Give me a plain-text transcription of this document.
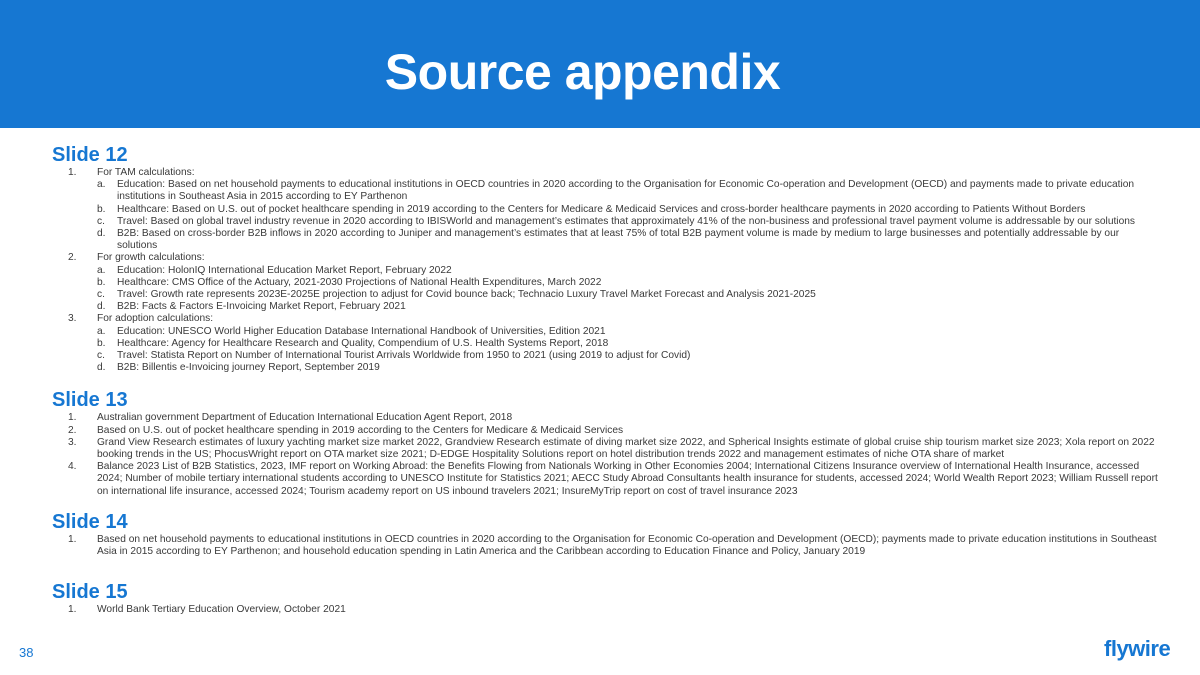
Source appendix
Slide 12
1. For TAM calculations:
a. Education: Based on net household payments to educational institutions in OECD countries in 2020 according to the Organisation for Economic Co-operation and Development (OECD) and payments made to private education institutions in Southeast Asia in 2015 according to EY Parthenon
b. Healthcare: Based on U.S. out of pocket healthcare spending in 2019 according to the Centers for Medicare & Medicaid Services and cross-border healthcare payments in 2020 according to Patients Without Borders
c. Travel: Based on global travel industry revenue in 2020 according to IBISWorld and management’s estimates that approximately 41% of the non-business and professional travel payment volume is addressable by our solutions
d. B2B: Based on cross-border B2B inflows in 2020 according to Juniper and management’s estimates that at least 75% of total B2B payment volume is made by medium to large businesses and potentially addressable by our solutions
2. For growth calculations:
a. Education: HolonIQ International Education Market Report, February 2022
b. Healthcare: CMS Office of the Actuary, 2021-2030 Projections of National Health Expenditures, March 2022
c. Travel: Growth rate represents 2023E-2025E projection to adjust for Covid bounce back; Technacio Luxury Travel Market Forecast and Analysis 2021-2025
d. B2B: Facts & Factors E-Invoicing Market Report, February 2021
3. For adoption calculations:
a. Education: UNESCO World Higher Education Database International Handbook of Universities, Edition 2021
b. Healthcare: Agency for Healthcare Research and Quality, Compendium of U.S. Health Systems Report, 2018
c. Travel: Statista Report on Number of International Tourist Arrivals Worldwide from 1950 to 2021 (using 2019 to adjust for Covid)
d. B2B: Billentis e-Invoicing journey Report, September 2019
Slide 13
1. Australian government Department of Education International Education Agent Report, 2018
2. Based on U.S. out of pocket healthcare spending in 2019 according to the Centers for Medicare & Medicaid Services
3. Grand View Research estimates of luxury yachting market size market 2022, Grandview Research estimate of diving market size 2022, and Spherical Insights estimate of global cruise ship tourism market size 2023; Xola report on 2022 booking trends in the US; PhocusWright report on OTA market size 2021; D-EDGE Hospitality Solutions report on hotel distribution trends 2022 and management estimates of niche OTA share of market
4. Balance 2023 List of B2B Statistics, 2023, IMF report on Working Abroad: the Benefits Flowing from Nationals Working in Other Economies 2004; International Citizens Insurance overview of International Health Insurance, accessed 2024; Number of mobile tertiary international students according to UNESCO Institute for Statistics 2021; AECC Study Abroad Consultants health insurance for students, accessed 2024; World Wealth Report 2023; William Russell report on international life insurance, accessed 2024; Tourism academy report on US inbound travelers 2021; InsureMyTrip report on cost of travel insurance 2023
Slide 14
1. Based on net household payments to educational institutions in OECD countries in 2020 according to the Organisation for Economic Co-operation and Development (OECD); payments made to private education institutions in Southeast Asia in 2015 according to EY Parthenon; and household education spending in Latin America and the Caribbean according to Education Finance and Policy, January 2019
Slide 15
1. World Bank Tertiary Education Overview, October 2021
38	flywire
